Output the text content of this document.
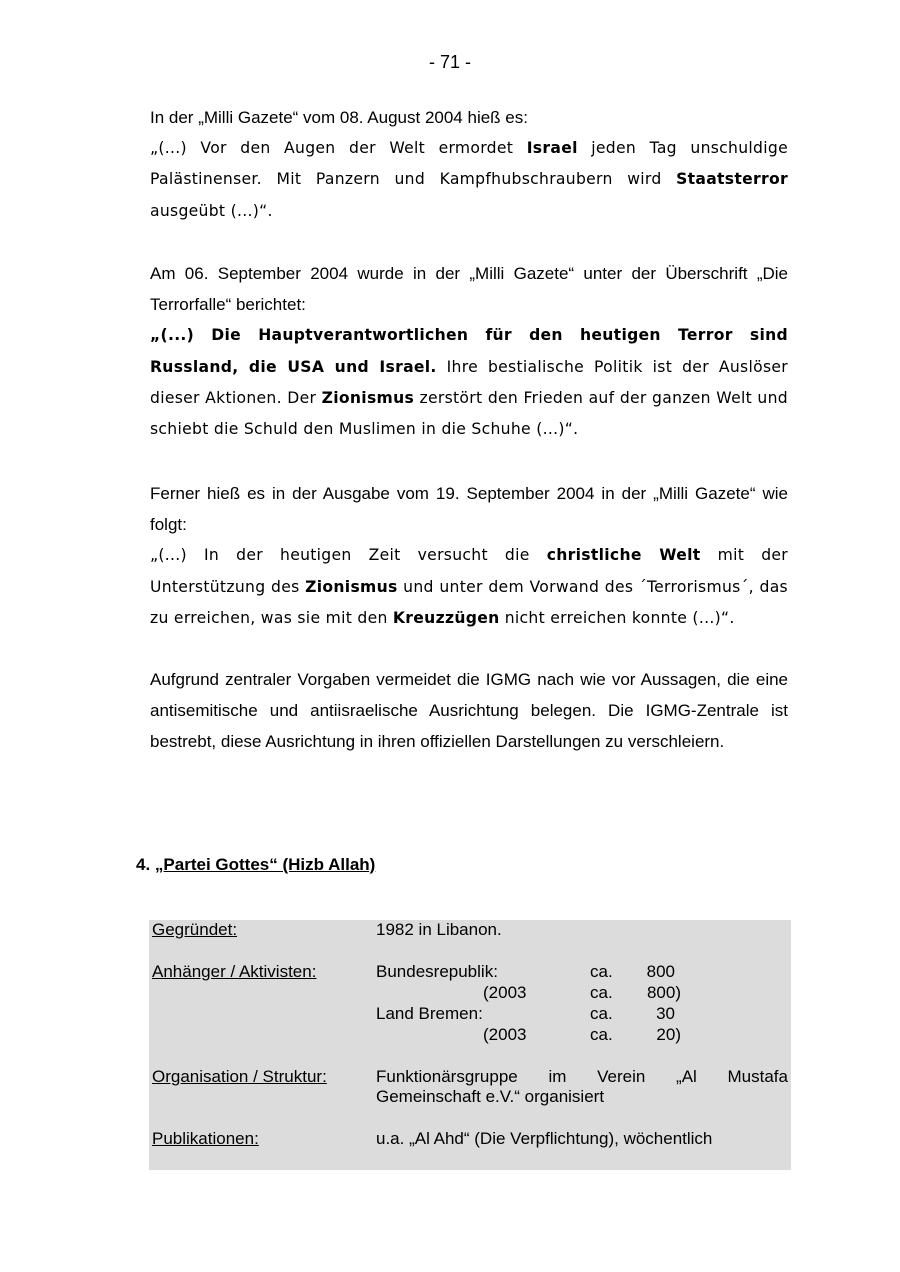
- 71 -

In der „Milli Gazete“ vom 08. August 2004 hieß es:

„(...) Vor den Augen der Welt ermordet Israel jeden Tag unschuldige Palästinenser. Mit Panzern und Kampfhubschraubern wird Staatsterror ausgeübt (...)“.

Am 06. September 2004 wurde in der „Milli Gazete“ unter der Überschrift „Die Terrorfalle“ berichtet:

„(...) Die Hauptverantwortlichen für den heutigen Terror sind Russland, die USA und Israel. Ihre bestialische Politik ist der Auslöser dieser Aktionen. Der Zionismus zerstört den Frieden auf der ganzen Welt und schiebt die Schuld den Muslimen in die Schuhe (...)“.

Ferner hieß es in der Ausgabe vom 19. September 2004 in der „Milli Gazete“ wie folgt:

„(...) In der heutigen Zeit versucht die christliche Welt mit der Unterstützung des Zionismus und unter dem Vorwand des ´Terrorismus´, das zu erreichen, was sie mit den Kreuzzügen nicht erreichen konnte (...)“.

Aufgrund zentraler Vorgaben vermeidet die IGMG nach wie vor Aussagen, die eine antisemitische und antiisraelische Ausrichtung belegen. Die IGMG-Zentrale ist bestrebt, diese Ausrichtung in ihren offiziellen Darstellungen zu verschleiern.

4. „Partei Gottes“ (Hizb Allah)
Gegründet:	1982 in Libanon.
Anhänger / Aktivisten:	Bundesrepublik:	ca.	800
(2003	ca.	800)
Land Bremen:	ca.	30
(2003	ca.	20)
Organisation / Struktur:	Funktionärsgruppe im Verein „Al Mustafa Gemeinschaft e.V.“ organisiert
Publikationen:	u.a. „Al Ahd“ (Die Verpflichtung), wöchentlich
